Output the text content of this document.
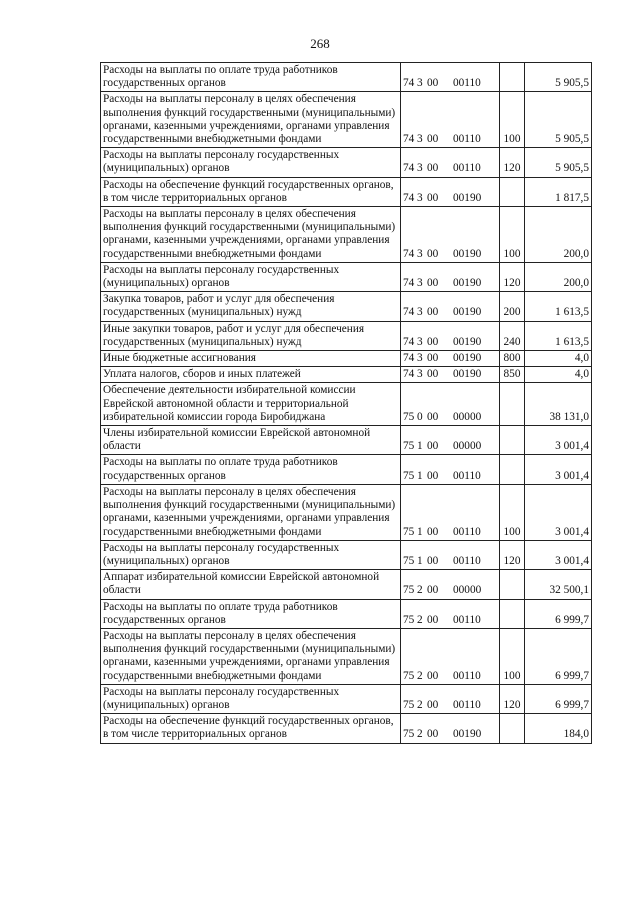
268
Расходы на выплаты по оплате труда работников государственных органов	74 3 00 00110		5 905,5
Расходы на выплаты персоналу в целях обеспечения выполнения функций государственными (муниципальными) органами, казенными учреждениями, органами управления государственными внебюджетными фондами	74 3 00 00110	100	5 905,5
Расходы на выплаты персоналу государственных (муниципальных) органов	74 3 00 00110	120	5 905,5
Расходы на обеспечение функций государственных органов, в том числе территориальных органов	74 3 00 00190		1 817,5
Расходы на выплаты персоналу в целях обеспечения выполнения функций государственными (муниципальными) органами, казенными учреждениями, органами управления государственными внебюджетными фондами	74 3 00 00190	100	200,0
Расходы на выплаты персоналу государственных (муниципальных) органов	74 3 00 00190	120	200,0
Закупка товаров, работ и услуг для обеспечения государственных (муниципальных) нужд	74 3 00 00190	200	1 613,5
Иные закупки товаров, работ и услуг для обеспечения государственных (муниципальных) нужд	74 3 00 00190	240	1 613,5
Иные бюджетные ассигнования	74 3 00 00190	800	4,0
Уплата налогов, сборов и иных платежей	74 3 00 00190	850	4,0
Обеспечение деятельности избирательной комиссии Еврейской автономной области и территориальной избирательной комиссии города Биробиджана	75 0 00 00000		38 131,0
Члены избирательной комиссии Еврейской автономной области	75 1 00 00000		3 001,4
Расходы на выплаты по оплате труда работников государственных органов	75 1 00 00110		3 001,4
Расходы на выплаты персоналу в целях обеспечения выполнения функций государственными (муниципальными) органами, казенными учреждениями, органами управления государственными внебюджетными фондами	75 1 00 00110	100	3 001,4
Расходы на выплаты персоналу государственных (муниципальных) органов	75 1 00 00110	120	3 001,4
Аппарат избирательной комиссии Еврейской автономной области	75 2 00 00000		32 500,1
Расходы на выплаты по оплате труда работников государственных органов	75 2 00 00110		6 999,7
Расходы на выплаты персоналу в целях обеспечения выполнения функций государственными (муниципальными) органами, казенными учреждениями, органами управления государственными внебюджетными фондами	75 2 00 00110	100	6 999,7
Расходы на выплаты персоналу государственных (муниципальных) органов	75 2 00 00110	120	6 999,7
Расходы на обеспечение функций государственных органов, в том числе территориальных органов	75 2 00 00190		184,0
